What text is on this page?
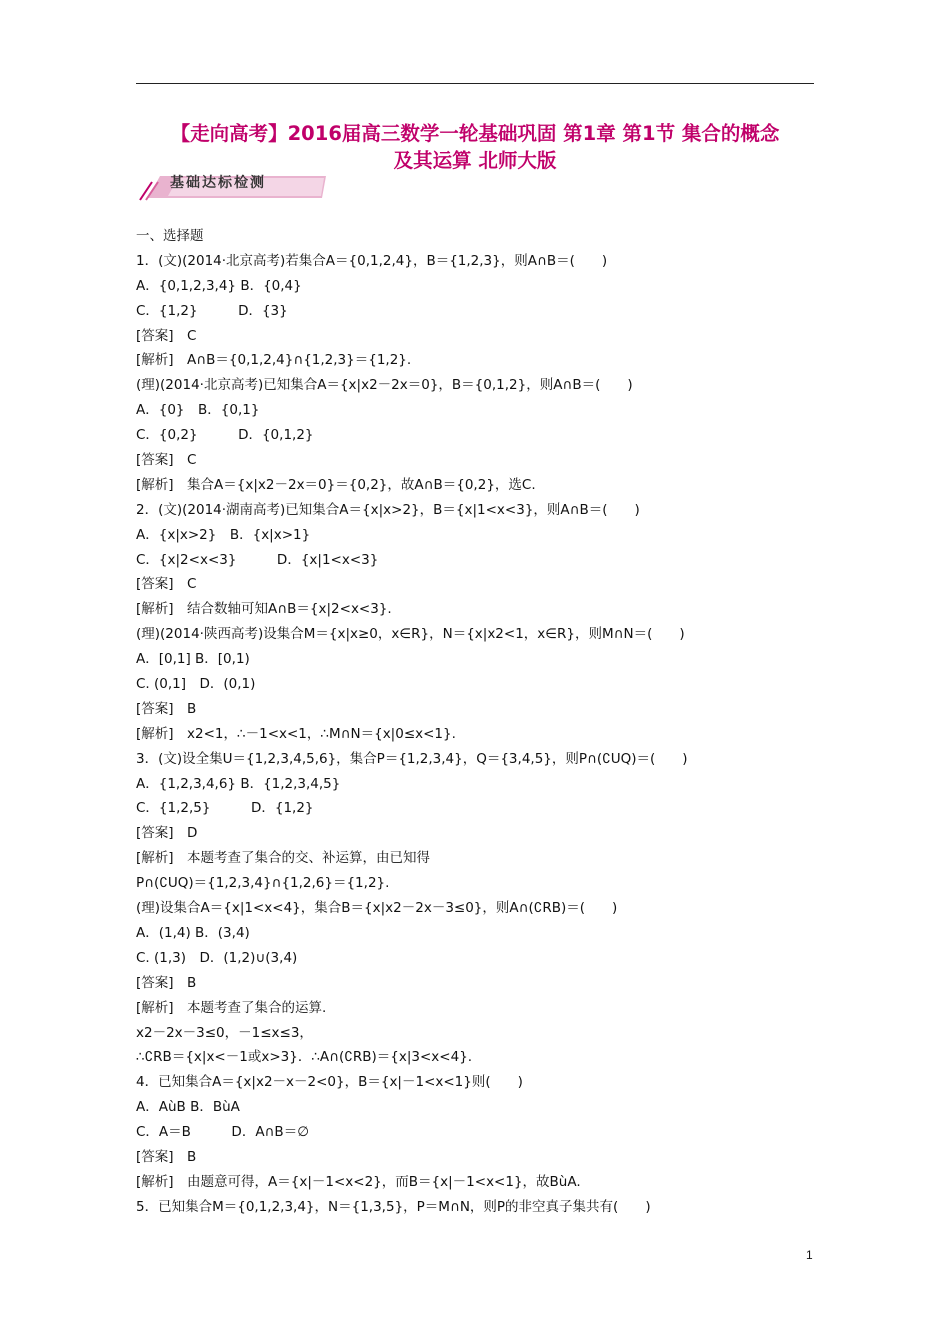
【走向高考】2016届高三数学一轮基础巩固 第1章 第1节 集合的概念
及其运算 北师大版
基础达标检测
一、选择题
1．(文)(2014·北京高考)若集合A＝{0,1,2,4}，B＝{1,2,3}，则A∩B＝(　　)
A．{0,1,2,3,4} B．{0,4}
C．{1,2}　　　D．{3}
[答案]　C
[解析]　A∩B＝{0,1,2,4}∩{1,2,3}＝{1,2}.
(理)(2014·北京高考)已知集合A＝{x|x2－2x＝0}，B＝{0,1,2}，则A∩B＝(　　)
A．{0}　B．{0,1}
C．{0,2}　　　D．{0,1,2}
[答案]　C
[解析]　集合A＝{x|x2－2x＝0}＝{0,2}，故A∩B＝{0,2}，选C.
2．(文)(2014·湖南高考)已知集合A＝{x|x>2}，B＝{x|1<x<3}，则A∩B＝(　　)
A．{x|x>2}　B．{x|x>1}
C．{x|2<x<3}　　　D．{x|1<x<3}
[答案]　C
[解析]　结合数轴可知A∩B＝{x|2<x<3}.
(理)(2014·陕西高考)设集合M＝{x|x≥0，x∈R}，N＝{x|x2<1，x∈R}，则M∩N＝(　　)
A．[0,1] B．[0,1)
C. (0,1]　D．(0,1)
[答案]　B
[解析]　x2<1，∴－1<x<1，∴M∩N＝{x|0≤x<1}.
3．(文)设全集U＝{1,2,3,4,5,6}，集合P＝{1,2,3,4}，Q＝{3,4,5}，则P∩(∁UQ)＝(　　)
A．{1,2,3,4,6} B．{1,2,3,4,5}
C．{1,2,5}　　　D．{1,2}
[答案]　D
[解析]　本题考查了集合的交、补运算，由已知得
P∩(∁UQ)＝{1,2,3,4}∩{1,2,6}＝{1,2}.
(理)设集合A＝{x|1<x<4}，集合B＝{x|x2－2x－3≤0}，则A∩(∁RB)＝(　　)
A．(1,4) B．(3,4)
C. (1,3)　D．(1,2)∪(3,4)
[答案]　B
[解析]　本题考查了集合的运算.
x2－2x－3≤0，－1≤x≤3，
∴∁RB＝{x|x<－1或x>3}．∴A∩(∁RB)＝{x|3<x<4}.
4．已知集合A＝{x|x2－x－2<0}，B＝{x|－1<x<1}则(　　)
A．AùB B．BùA
C．A＝B　　　D．A∩B＝∅
[答案]　B
[解析]　由题意可得，A＝{x|－1<x<2}，而B＝{x|－1<x<1}，故BùA.
5．已知集合M＝{0,1,2,3,4}，N＝{1,3,5}，P＝M∩N，则P的非空真子集共有(　　)
1
